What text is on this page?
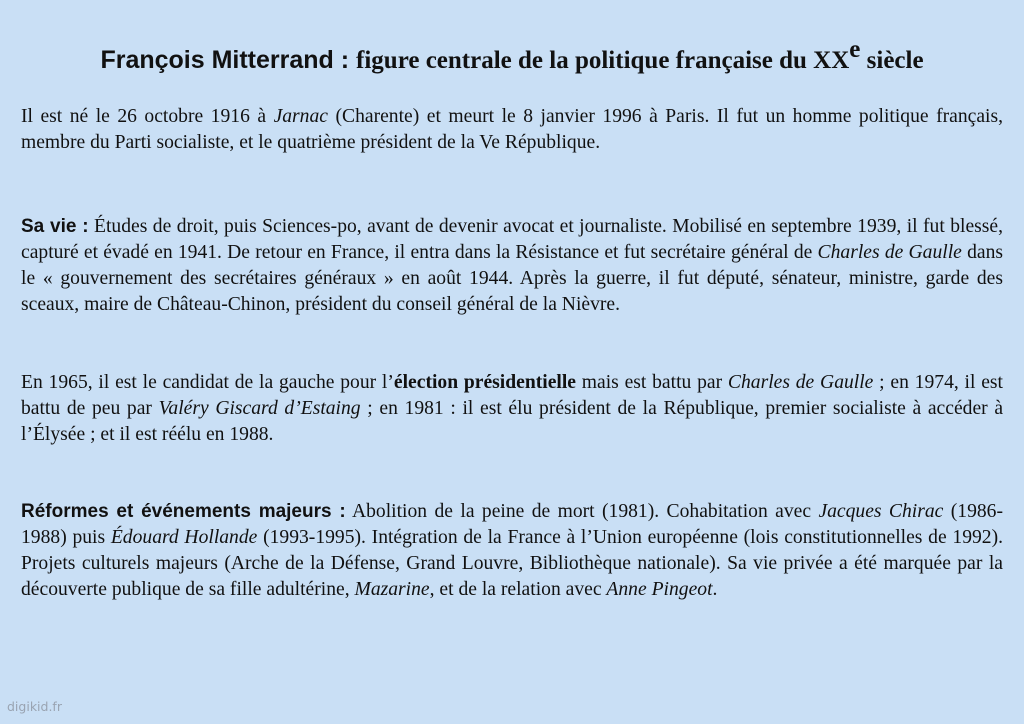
François Mitterrand : figure centrale de la politique française du XXe siècle

Il est né le 26 octobre 1916 à Jarnac (Charente) et meurt le 8 janvier 1996 à Paris. Il fut un homme politique français, membre du Parti socialiste, et le quatrième président de la Ve République.

Sa vie : Études de droit, puis Sciences-po, avant de devenir avocat et journaliste. Mobilisé en septembre 1939, il fut blessé, capturé et évadé en 1941. De retour en France, il entra dans la Résistance et fut secrétaire général de Charles de Gaulle dans le « gouvernement des secrétaires généraux » en août 1944. Après la guerre, il fut député, sénateur, ministre, garde des sceaux, maire de Château-Chinon, président du conseil général de la Nièvre.

En 1965, il est le candidat de la gauche pour l’élection présidentielle mais est battu par Charles de Gaulle ; en 1974, il est battu de peu par Valéry Giscard d’Estaing ; en 1981 : il est élu président de la République, premier socialiste à accéder à l’Élysée ; et il est réélu en 1988.

Réformes et événements majeurs : Abolition de la peine de mort (1981). Cohabitation avec Jacques Chirac (1986-1988) puis Édouard Hollande (1993-1995). Intégration de la France à l’Union européenne (lois constitutionnelles de 1992). Projets culturels majeurs (Arche de la Défense, Grand Louvre, Bibliothèque nationale). Sa vie privée a été marquée par la découverte publique de sa fille adultérine, Mazarine, et de la relation avec Anne Pingeot.

digikid.fr
